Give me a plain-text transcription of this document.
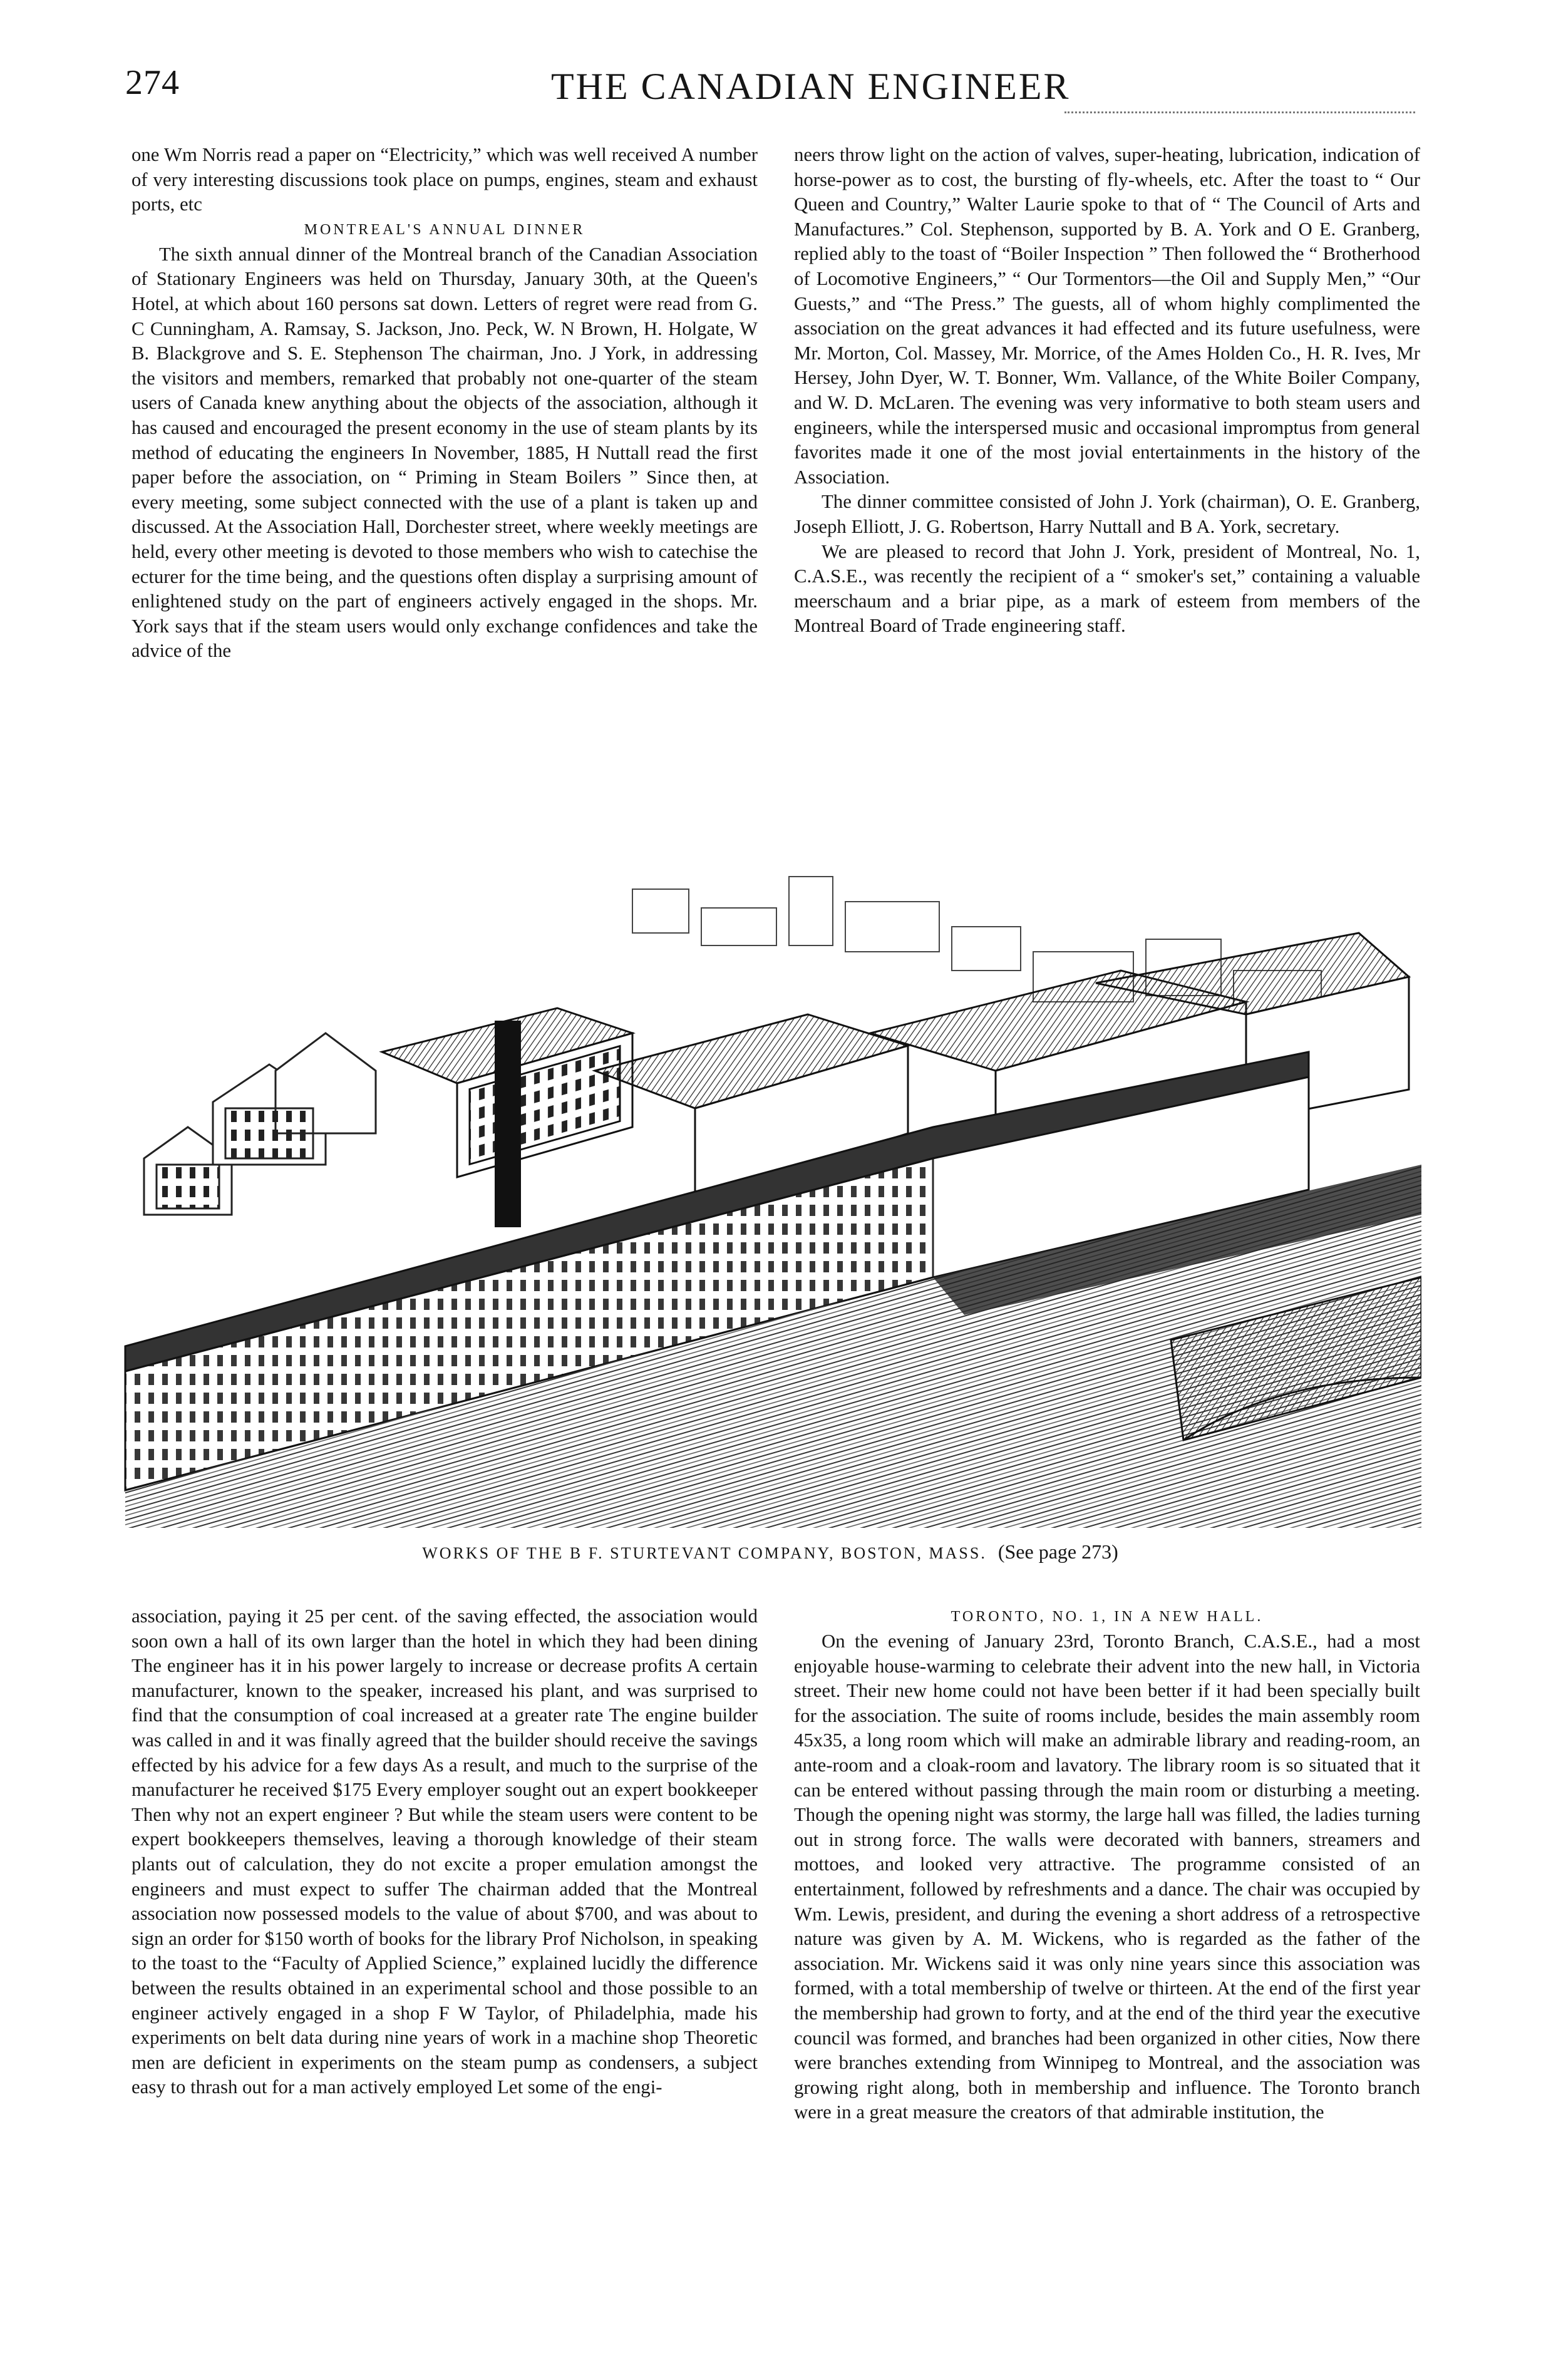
274	THE CANADIAN ENGINEER

one Wm Norris read a paper on “Electricity,” which was well received A number of very interesting discussions took place on pumps, engines, steam and exhaust ports, etc

MONTREAL'S ANNUAL DINNER

The sixth annual dinner of the Montreal branch of the Canadian Association of Stationary Engineers was held on Thursday, January 30th, at the Queen's Hotel, at which about 160 persons sat down. Letters of regret were read from G. C Cunningham, A. Ramsay, S. Jackson, Jno. Peck, W. N Brown, H. Holgate, W B. Blackgrove and S. E. Stephenson The chairman, Jno. J York, in addressing the visitors and members, remarked that probably not one-quarter of the steam users of Canada knew anything about the objects of the association, although it has caused and encouraged the present economy in the use of steam plants by its method of educating the engineers In November, 1885, H Nuttall read the first paper before the association, on “ Priming in Steam Boilers ” Since then, at every meeting, some subject connected with the use of a plant is taken up and discussed. At the Association Hall, Dorchester street, where weekly meetings are held, every other meeting is devoted to those members who wish to catechise the ecturer for the time being, and the questions often display a surprising amount of enlightened study on the part of engineers actively engaged in the shops. Mr. York says that if the steam users would only exchange confidences and take the advice of the

neers throw light on the action of valves, super-heating, lubrication, indication of horse-power as to cost, the bursting of fly-wheels, etc. After the toast to “ Our Queen and Country,” Walter Laurie spoke to that of “ The Council of Arts and Manufactures.” Col. Stephenson, supported by B. A. York and O E. Granberg, replied ably to the toast of “Boiler Inspection ” Then followed the “ Brotherhood of Locomotive Engineers,” “ Our Tormentors—the Oil and Supply Men,” “Our Guests,” and “The Press.” The guests, all of whom highly complimented the association on the great advances it had effected and its future usefulness, were Mr. Morton, Col. Massey, Mr. Morrice, of the Ames Holden Co., H. R. Ives, Mr Hersey, John Dyer, W. T. Bonner, Wm. Vallance, of the White Boiler Company, and W. D. McLaren. The evening was very informative to both steam users and engineers, while the interspersed music and occasional impromptus from general favorites made it one of the most jovial entertainments in the history of the Association.

The dinner committee consisted of John J. York (chairman), O. E. Granberg, Joseph Elliott, J. G. Robertson, Harry Nuttall and B A. York, secretary.

We are pleased to record that John J. York, president of Montreal, No. 1, C.A.S.E., was recently the recipient of a “ smoker's set,” containing a valuable meerschaum and a briar pipe, as a mark of esteem from members of the Montreal Board of Trade engineering staff.

WORKS OF THE B F. STURTEVANT COMPANY, BOSTON, MASS. (See page 273)

association, paying it 25 per cent. of the saving effected, the association would soon own a hall of its own larger than the hotel in which they had been dining The engineer has it in his power largely to increase or decrease profits A certain manufacturer, known to the speaker, increased his plant, and was surprised to find that the consumption of coal increased at a greater rate The engine builder was called in and it was finally agreed that the builder should receive the savings effected by his advice for a few days As a result, and much to the surprise of the manufacturer he received $175 Every employer sought out an expert bookkeeper Then why not an expert engineer ? But while the steam users were content to be expert bookkeepers themselves, leaving a thorough knowledge of their steam plants out of calculation, they do not excite a proper emulation amongst the engineers and must expect to suffer The chairman added that the Montreal association now possessed models to the value of about $700, and was about to sign an order for $150 worth of books for the library Prof Nicholson, in speaking to the toast to the “Faculty of Applied Science,” explained lucidly the difference between the results obtained in an experimental school and those possible to an engineer actively engaged in a shop F W Taylor, of Philadelphia, made his experiments on belt data during nine years of work in a machine shop Theoretic men are deficient in experiments on the steam pump as condensers, a subject easy to thrash out for a man actively employed Let some of the engi-

TORONTO, NO. 1, IN A NEW HALL.

On the evening of January 23rd, Toronto Branch, C.A.S.E., had a most enjoyable house-warming to celebrate their advent into the new hall, in Victoria street. Their new home could not have been better if it had been specially built for the association. The suite of rooms include, besides the main assembly room 45x35, a long room which will make an admirable library and reading-room, an ante-room and a cloak-room and lavatory. The library room is so situated that it can be entered without passing through the main room or disturbing a meeting. Though the opening night was stormy, the large hall was filled, the ladies turning out in strong force. The walls were decorated with banners, streamers and mottoes, and looked very attractive. The programme consisted of an entertainment, followed by refreshments and a dance. The chair was occupied by Wm. Lewis, president, and during the evening a short address of a retrospective nature was given by A. M. Wickens, who is regarded as the father of the association. Mr. Wickens said it was only nine years since this association was formed, with a total membership of twelve or thirteen. At the end of the first year the membership had grown to forty, and at the end of the third year the executive council was formed, and branches had been organized in other cities, Now there were branches extending from Winnipeg to Montreal, and the association was growing right along, both in membership and influence. The Toronto branch were in a great measure the creators of that admirable institution, the
